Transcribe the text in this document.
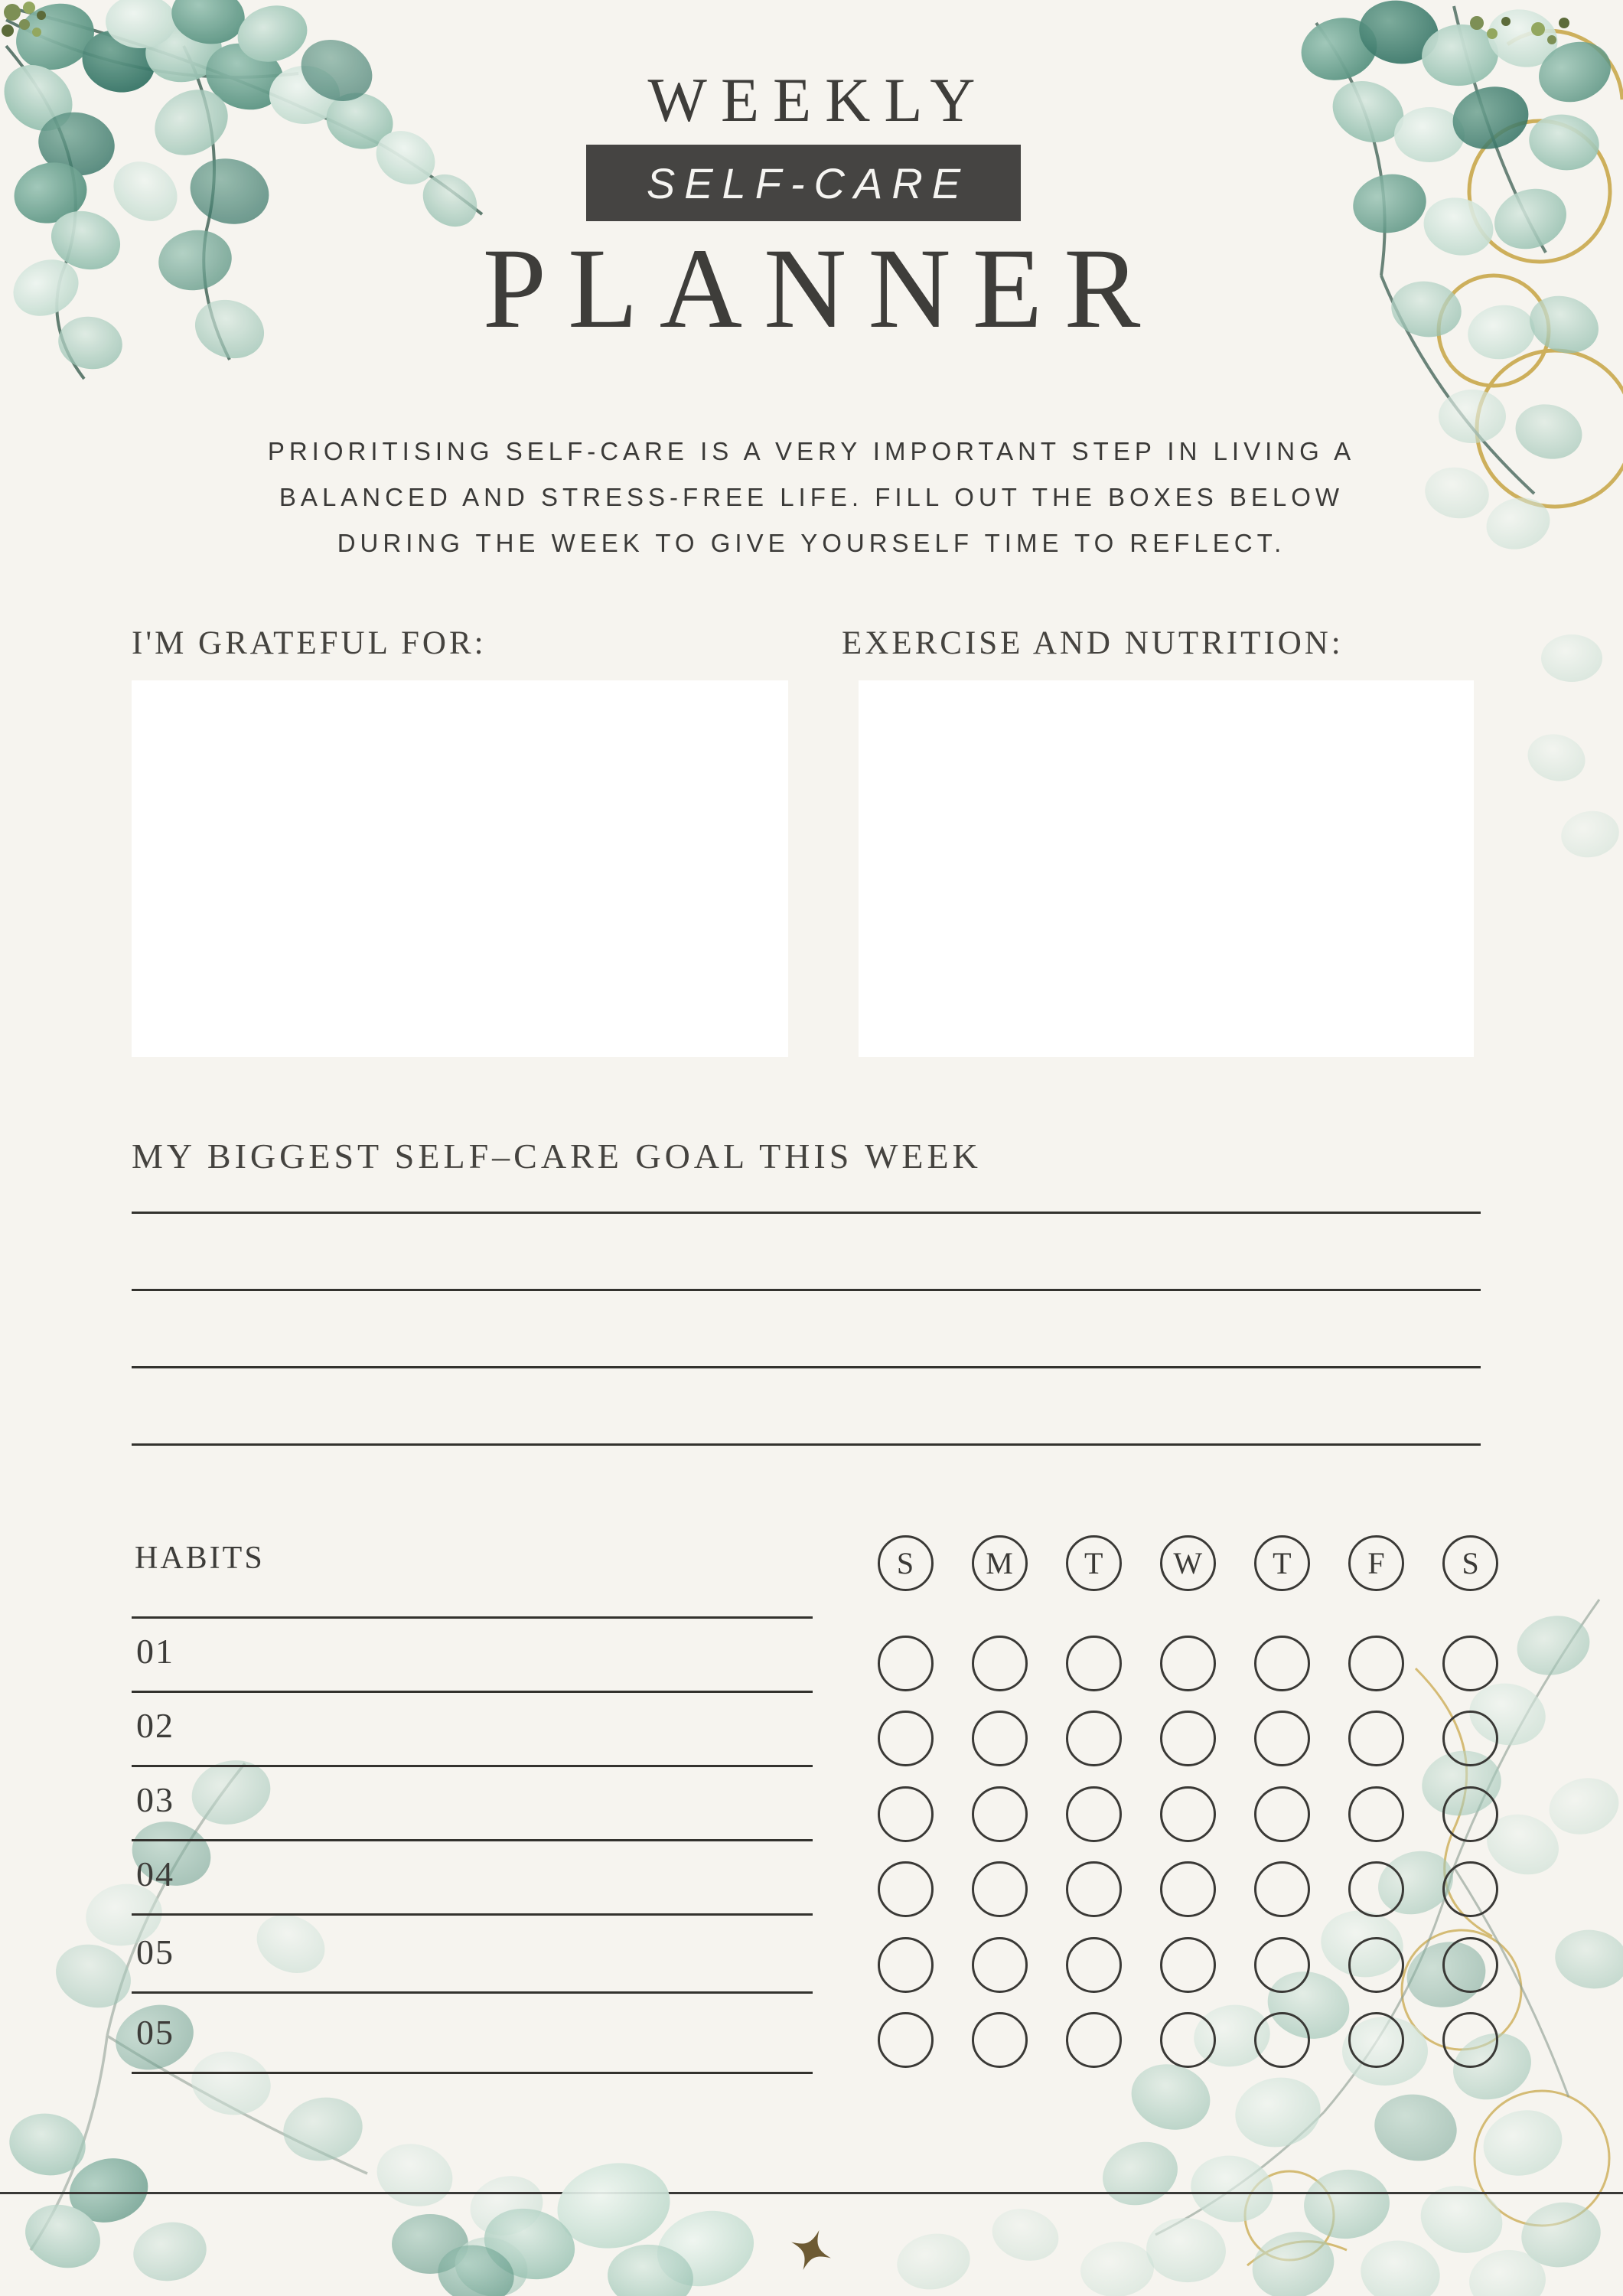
WEEKLY
SELF-CARE
PLANNER
PRIORITISING SELF-CARE IS A VERY IMPORTANT STEP IN LIVING A
BALANCED AND STRESS-FREE LIFE. FILL OUT THE BOXES BELOW
DURING THE WEEK TO GIVE YOURSELF TIME TO REFLECT.
I'M GRATEFUL FOR:	EXERCISE AND NUTRITION:
MY BIGGEST SELF–CARE GOAL THIS WEEK
HABITS
01
02
03
04
05
05
S M T W T F	S
